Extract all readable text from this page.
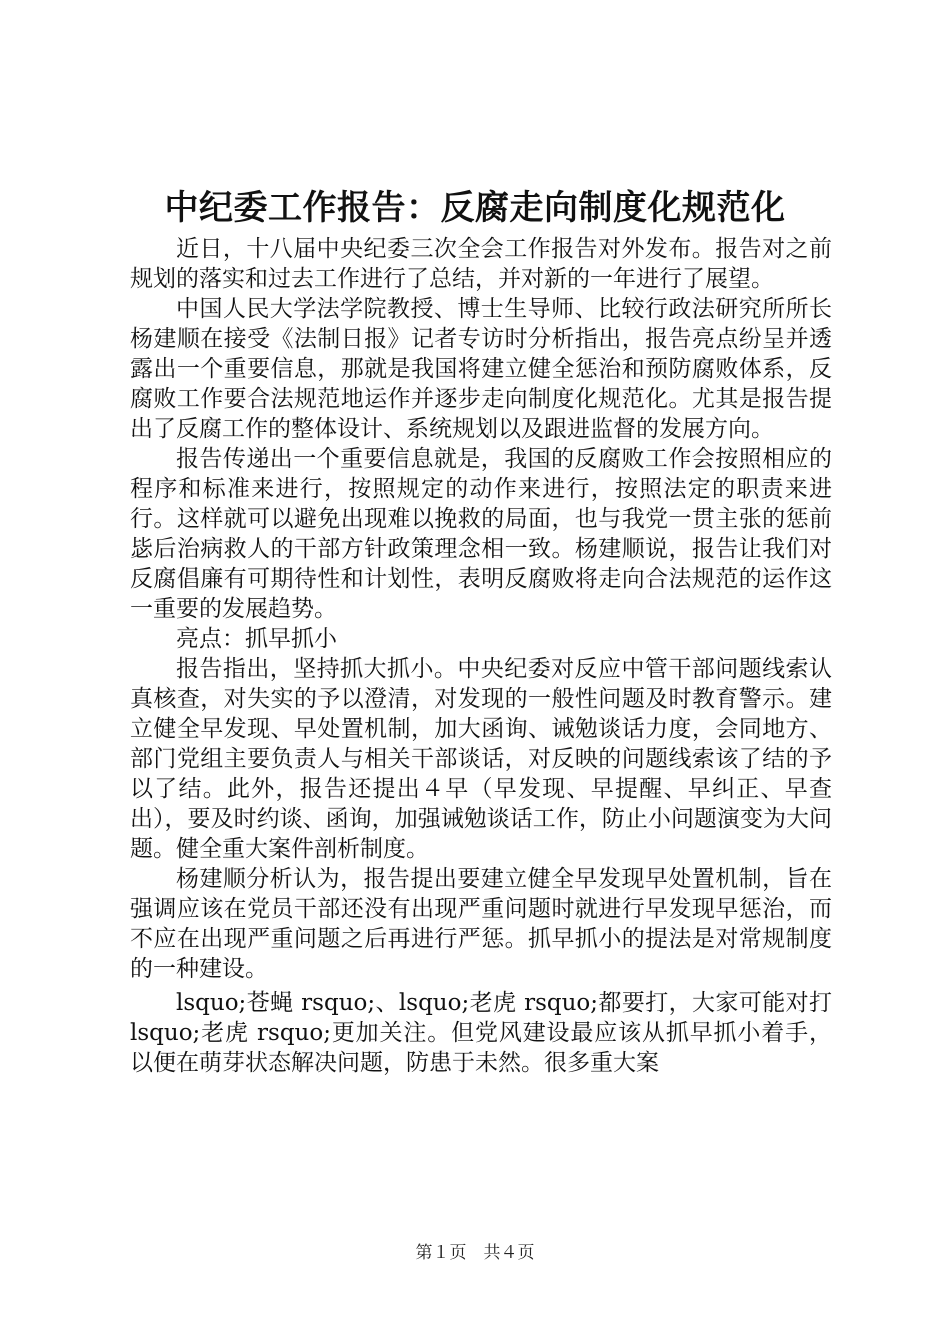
中纪委工作报告：反腐走向制度化规范化

近日，十八届中央纪委三次全会工作报告对外发布。报告对之前规划的落实和过去工作进行了总结，并对新的一年进行了展望。

中国人民大学法学院教授、博士生导师、比较行政法研究所所长杨建顺在接受《法制日报》记者专访时分析指出，报告亮点纷呈并透露出一个重要信息，那就是我国将建立健全惩治和预防腐败体系，反腐败工作要合法规范地运作并逐步走向制度化规范化。尤其是报告提出了反腐工作的整体设计、系统规划以及跟进监督的发展方向。

报告传递出一个重要信息就是，我国的反腐败工作会按照相应的程序和标准来进行，按照规定的动作来进行，按照法定的职责来进行。这样就可以避免出现难以挽救的局面，也与我党一贯主张的惩前毖后治病救人的干部方针政策理念相一致。杨建顺说，报告让我们对反腐倡廉有可期待性和计划性，表明反腐败将走向合法规范的运作这一重要的发展趋势。

亮点：抓早抓小

报告指出，坚持抓大抓小。中央纪委对反应中管干部问题线索认真核查，对失实的予以澄清，对发现的一般性问题及时教育警示。建立健全早发现、早处置机制，加大函询、诫勉谈话力度，会同地方、部门党组主要负责人与相关干部谈话，对反映的问题线索该了结的予以了结。此外，报告还提出４早（早发现、早提醒、早纠正、早查出），要及时约谈、函询，加强诫勉谈话工作，防止小问题演变为大问题。健全重大案件剖析制度。

杨建顺分析认为，报告提出要建立健全早发现早处置机制，旨在强调应该在党员干部还没有出现严重问题时就进行早发现早惩治，而不应在出现严重问题之后再进行严惩。抓早抓小的提法是对常规制度的一种建设。

lsquo;苍蝇 rsquo;、lsquo;老虎 rsquo;都要打，大家可能对打 lsquo;老虎 rsquo;更加关注。但党风建设最应该从抓早抓小着手，以便在萌芽状态解决问题，防患于未然。很多重大案

第１页　共４页
